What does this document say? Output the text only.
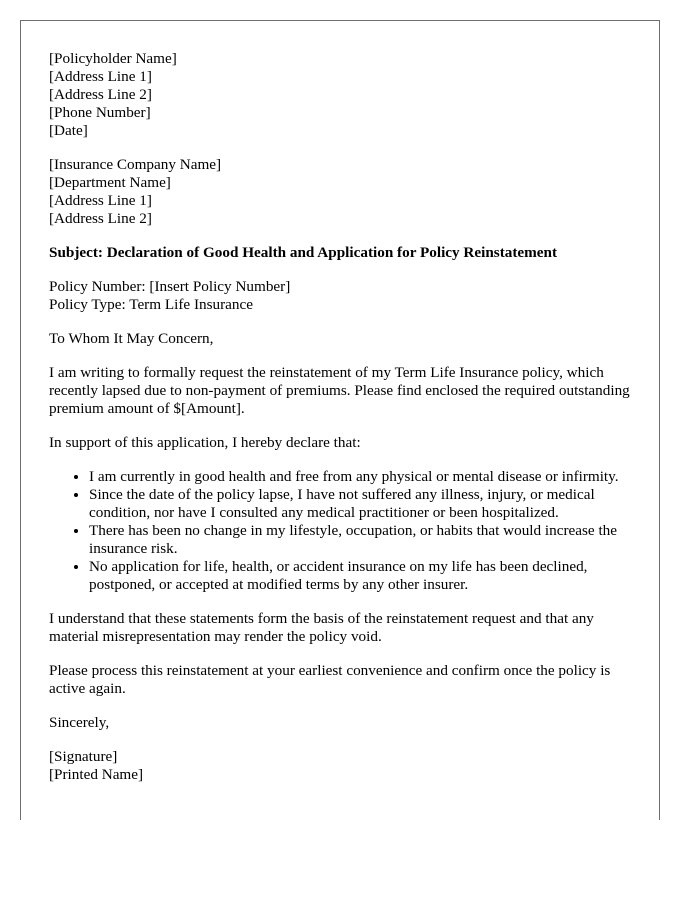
[Policyholder Name]
[Address Line 1]
[Address Line 2]
[Phone Number]
[Date]
[Insurance Company Name]
[Department Name]
[Address Line 1]
[Address Line 2]
Subject: Declaration of Good Health and Application for Policy Reinstatement
Policy Number: [Insert Policy Number]
Policy Type: Term Life Insurance

To Whom It May Concern,

I am writing to formally request the reinstatement of my Term Life Insurance policy, which recently lapsed due to non-payment of premiums. Please find enclosed the required outstanding premium amount of $[Amount].

In support of this application, I hereby declare that:

• I am currently in good health and free from any physical or mental disease or infirmity.
• Since the date of the policy lapse, I have not suffered any illness, injury, or medical condition, nor have I consulted any medical practitioner or been hospitalized.
• There has been no change in my lifestyle, occupation, or habits that would increase the insurance risk.
• No application for life, health, or accident insurance on my life has been declined, postponed, or accepted at modified terms by any other insurer.

I understand that these statements form the basis of the reinstatement request and that any material misrepresentation may render the policy void.

Please process this reinstatement at your earliest convenience and confirm once the policy is active again.

Sincerely,

[Signature]
[Printed Name]
